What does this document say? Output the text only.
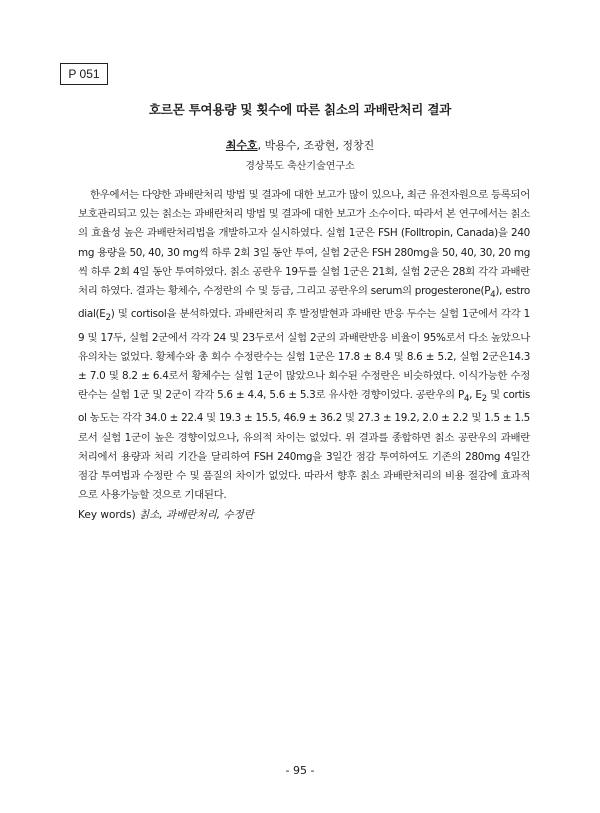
P 051
호르몬 투여용량 및 횟수에 따른 칡소의 과배란처리 결과
최수호, 박용수, 조광현, 정창진
경상북도 축산기술연구소

한우에서는 다양한 과배란처리 방법 및 결과에 대한 보고가 많이 있으나, 최근 유전자원으로 등록되어 보호관리되고 있는 칡소는 과배란처리 방법 및 결과에 대한 보고가 소수이다. 따라서 본 연구에서는 칡소의 효율성 높은 과배란처리법을 개발하고자 실시하였다. 실험 1군은 FSH (Folltropin, Canada)을 240mg 용량을 50, 40, 30 mg씩 하루 2회 3일 동안 투여, 실험 2군은 FSH 280mg을 50, 40, 30, 20 mg씩 하루 2회 4일 동안 투여하였다. 칡소 공란우 19두를 실험 1군은 21회, 실험 2군은 28회 각각 과배란처리 하였다. 결과는 황체수, 수정란의 수 및 등급, 그리고 공란우의 serum의 $progesterone(P_4)$, $estrodial(E_2)$ 및 cortisol을 분석하였다. 과배란처리 후 발정발현과 과배란 반응 두수는 실험 1군에서 각각 19 및 17두, 실험 2군에서 각각 24 및 23두로서 실험 2군의 과배란반응 비율이 95%로서 다소 높았으나 유의차는 없었다. 황체수와 총 회수 수정란수는 실험 1군은 17.8 ± 8.4 및 8.6 ± 5.2, 실험 2군은14.3 ± 7.0 및 8.2 ± 6.4로서 황체수는 실험 1군이 많았으나 회수된 수정란은 비슷하였다. 이식가능한 수정란수는 실험 1군 및 2군이 각각 5.6 ± 4.4, 5.6 ± 5.3로 유사한 경향이었다. 공란우의 $P_4$, $E_2$ 및 cortisol 농도는 각각 34.0 ± 22.4 및 19.3 ± 15.5, 46.9 ± 36.2 및 27.3 ± 19.2, 2.0 ± 2.2 및 1.5 ± 1.5로서 실험 1군이 높은 경향이었으나, 유의적 차이는 없었다. 위 결과를 종합하면 칡소 공란우의 과배란 처리에서 용량과 처리 기간을 달리하여 FSH 240mg을 3일간 점감 투여하여도 기존의 280mg 4일간 점감 투여법과 수정란 수 및 품질의 차이가 없었다. 따라서 향후 칡소 과배란처리의 비용 절감에 효과적으로 사용가능할 것으로 기대된다.

Key words) 칡소, 과배란처리, 수정란
- 95 -
